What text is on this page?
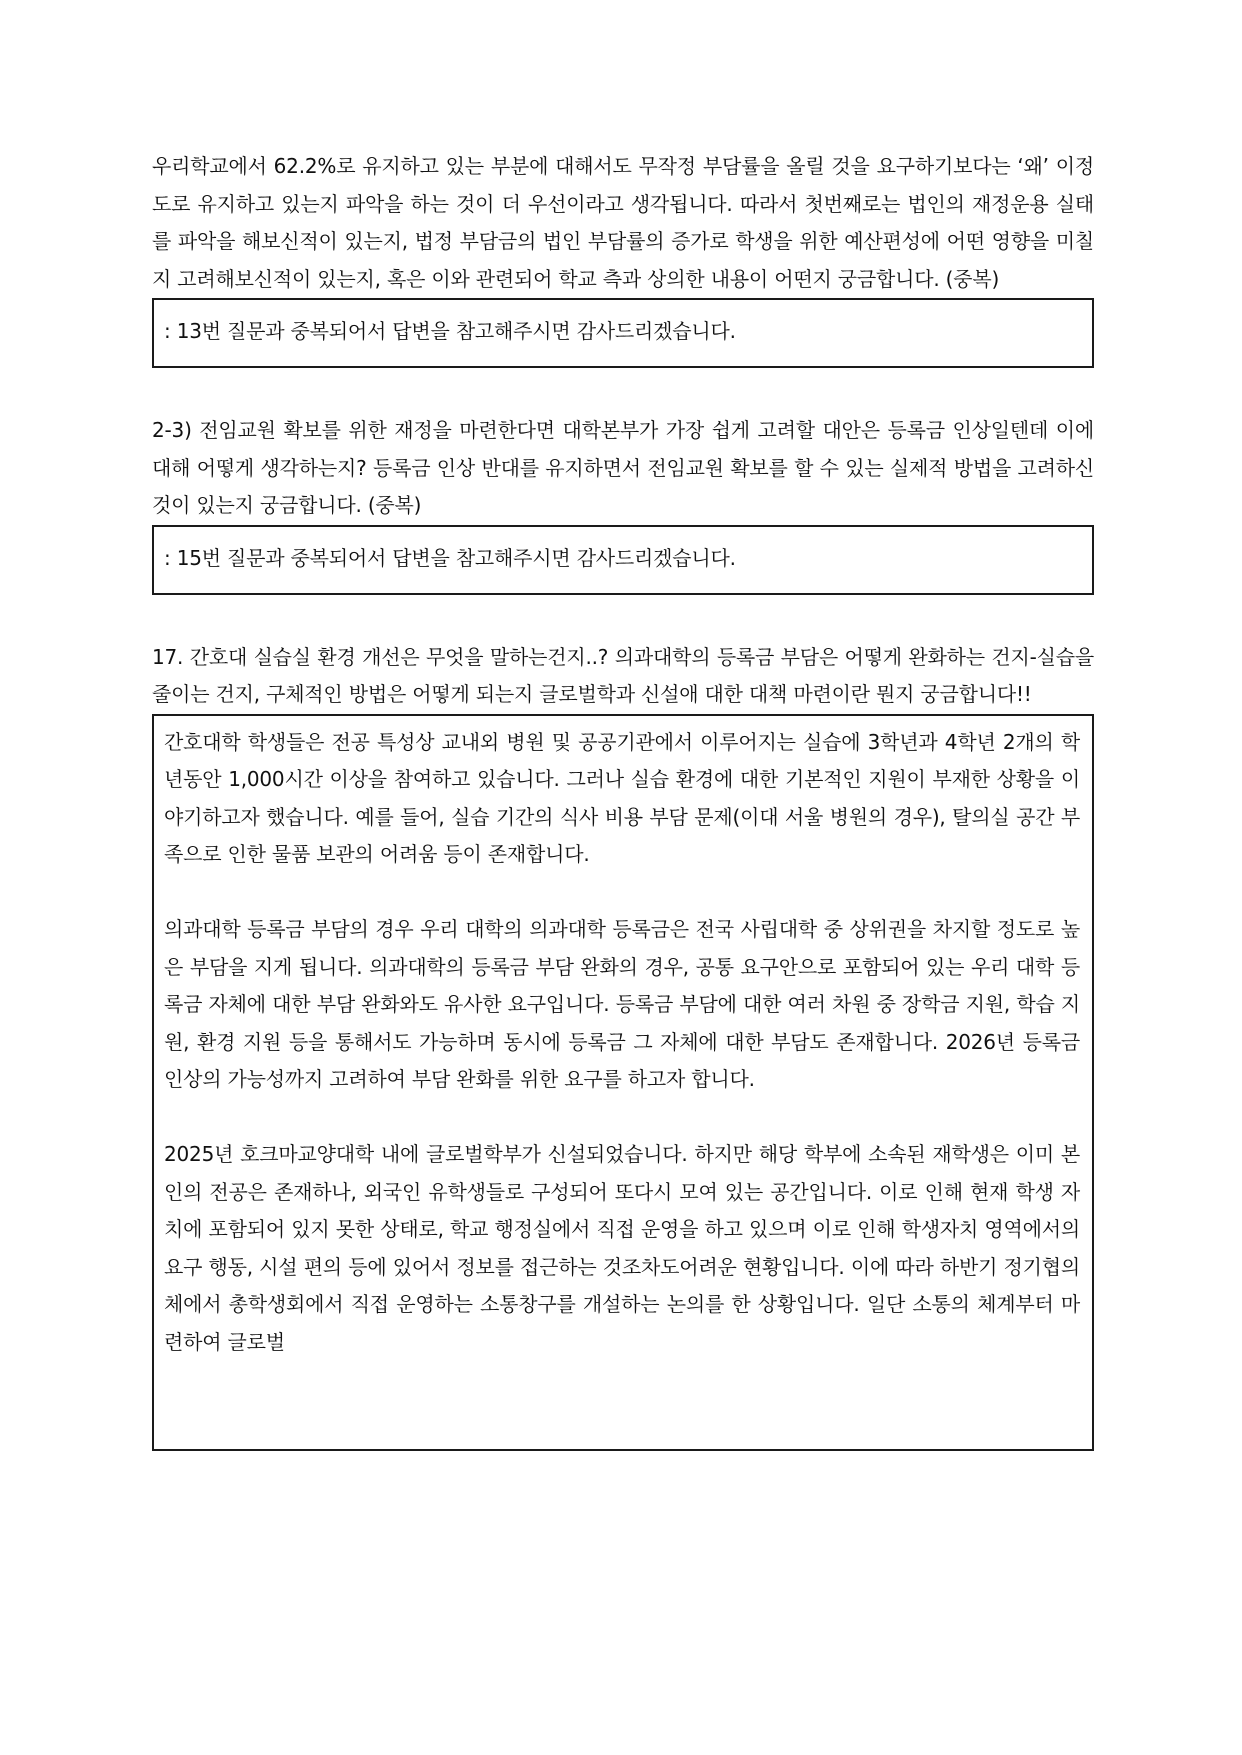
우리학교에서 62.2%로 유지하고 있는 부분에 대해서도 무작정 부담률을 올릴 것을 요구하기보다는 ‘왜’ 이정도로 유지하고 있는지 파악을 하는 것이 더 우선이라고 생각됩니다. 따라서 첫번째로는 법인의 재정운용 실태를 파악을 해보신적이 있는지, 법정 부담금의 법인 부담률의 증가로 학생을 위한 예산편성에 어떤 영향을 미칠지 고려해보신적이 있는지, 혹은 이와 관련되어 학교 측과 상의한 내용이 어떤지 궁금합니다. (중복)

: 13번 질문과 중복되어서 답변을 참고해주시면 감사드리겠습니다.

2-3) 전임교원 확보를 위한 재정을 마련한다면 대학본부가 가장 쉽게 고려할 대안은 등록금 인상일텐데 이에 대해 어떻게 생각하는지? 등록금 인상 반대를 유지하면서 전임교원 확보를 할 수 있는 실제적 방법을 고려하신 것이 있는지 궁금합니다. (중복)

: 15번 질문과 중복되어서 답변을 참고해주시면 감사드리겠습니다.

17. 간호대 실습실 환경 개선은 무엇을 말하는건지..? 의과대학의 등록금 부담은 어떻게 완화하는 건지-실습을 줄이는 건지, 구체적인 방법은 어떻게 되는지 글로벌학과 신설애 대한 대책 마련이란 뭔지 궁금합니다!!

간호대학 학생들은 전공 특성상 교내외 병원 및 공공기관에서 이루어지는 실습에 3학년과 4학년 2개의 학년동안 1,000시간 이상을 참여하고 있습니다. 그러나 실습 환경에 대한 기본적인 지원이 부재한 상황을 이야기하고자 했습니다. 예를 들어, 실습 기간의 식사 비용 부담 문제(이대 서울 병원의 경우), 탈의실 공간 부족으로 인한 물품 보관의 어려움 등이 존재합니다.

의과대학 등록금 부담의 경우 우리 대학의 의과대학 등록금은 전국 사립대학 중 상위권을 차지할 정도로 높은 부담을 지게 됩니다. 의과대학의 등록금 부담 완화의 경우, 공통 요구안으로 포함되어 있는 우리 대학 등록금 자체에 대한 부담 완화와도 유사한 요구입니다. 등록금 부담에 대한 여러 차원 중 장학금 지원, 학습 지원, 환경 지원 등을 통해서도 가능하며 동시에 등록금 그 자체에 대한 부담도 존재합니다. 2026년 등록금 인상의 가능성까지 고려하여 부담 완화를 위한 요구를 하고자 합니다.

2025년 호크마교양대학 내에 글로벌학부가 신설되었습니다. 하지만 해당 학부에 소속된 재학생은 이미 본인의 전공은 존재하나, 외국인 유학생들로 구성되어 또다시 모여 있는 공간입니다. 이로 인해 현재 학생 자치에 포함되어 있지 못한 상태로, 학교 행정실에서 직접 운영을 하고 있으며 이로 인해 학생자치 영역에서의 요구 행동, 시설 편의 등에 있어서 정보를 접근하는 것조차도어려운 현황입니다. 이에 따라 하반기 정기협의체에서 총학생회에서 직접 운영하는 소통창구를 개설하는 논의를 한 상황입니다. 일단 소통의 체계부터 마련하여 글로벌
